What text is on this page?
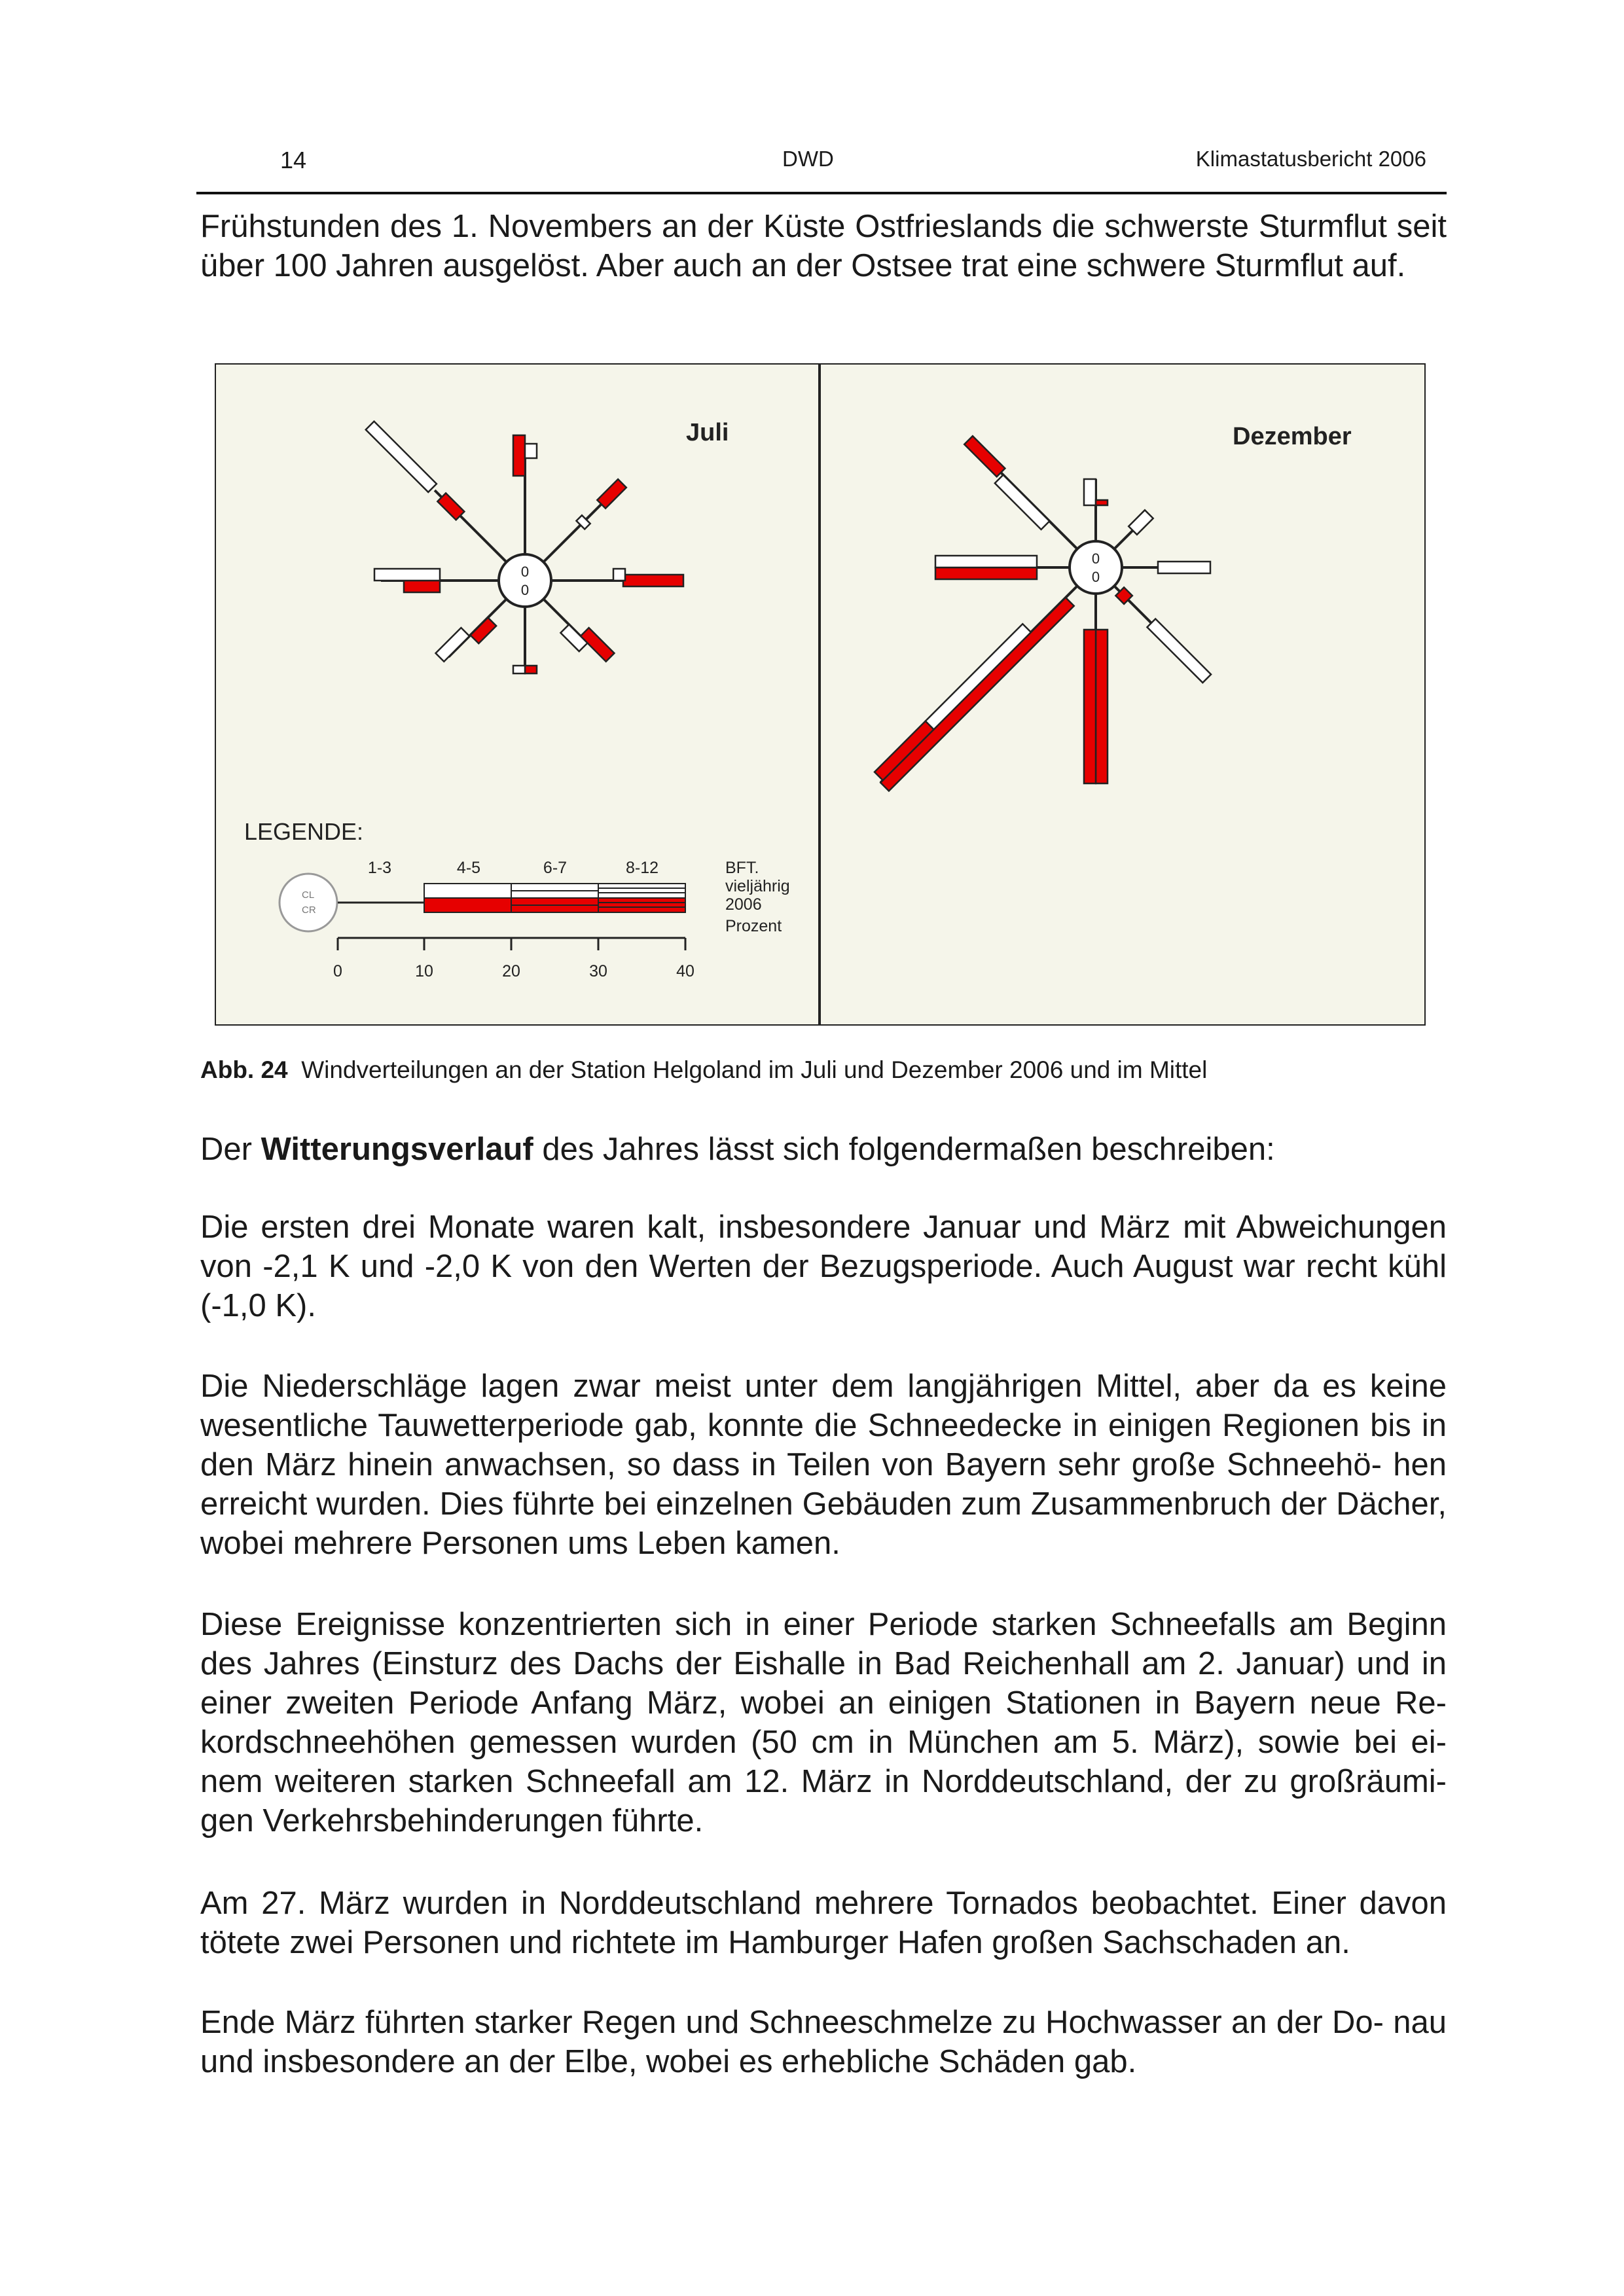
14	DWD	Klimastatusbericht 2006

Frühstunden des 1. Novembers an der Küste Ostfrieslands die schwerste Sturmflut seit über 100 Jahren ausgelöst. Aber auch an der Ostsee trat eine schwere Sturmflut auf.

0
0
Juli
0
0
Dezember
LEGENDE:
CL
CR
1-3	4-5	6-7	8-12	BFT.
vieljährig
2006
Prozent
0	10	20	30	40

Abb. 24 Windverteilungen an der Station Helgoland im Juli und Dezember 2006 und im Mittel

Der Witterungsverlauf des Jahres lässt sich folgendermaßen beschreiben:

Die ersten drei Monate waren kalt, insbesondere Januar und März mit Abweichungen von -2,1 K und -2,0 K von den Werten der Bezugsperiode. Auch August war recht kühl (-1,0 K).

Die Niederschläge lagen zwar meist unter dem langjährigen Mittel, aber da es keine wesentliche Tauwetterperiode gab, konnte die Schneedecke in einigen Regionen bis in den März hinein anwachsen, so dass in Teilen von Bayern sehr große Schneehö- hen erreicht wurden. Dies führte bei einzelnen Gebäuden zum Zusammenbruch der Dächer, wobei mehrere Personen ums Leben kamen.

Diese Ereignisse konzentrierten sich in einer Periode starken Schneefalls am Beginn des Jahres (Einsturz des Dachs der Eishalle in Bad Reichenhall am 2. Januar) und in einer zweiten Periode Anfang März, wobei an einigen Stationen in Bayern neue Re- kordschneehöhen gemessen wurden (50 cm in München am 5. März), sowie bei ei- nem weiteren starken Schneefall am 12. März in Norddeutschland, der zu großräumi- gen Verkehrsbehinderungen führte.

Am 27. März wurden in Norddeutschland mehrere Tornados beobachtet. Einer davon tötete zwei Personen und richtete im Hamburger Hafen großen Sachschaden an.

Ende März führten starker Regen und Schneeschmelze zu Hochwasser an der Do- nau und insbesondere an der Elbe, wobei es erhebliche Schäden gab.
